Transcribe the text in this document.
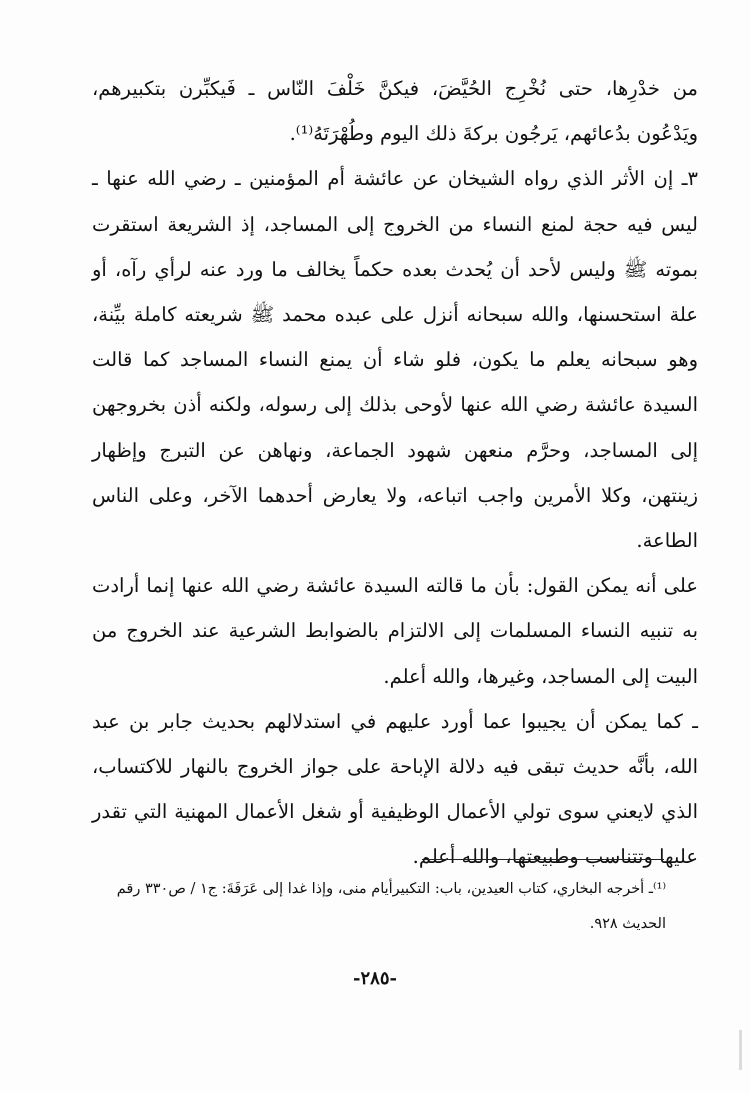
من خدْرِها، حتى نُخْرِج الحُيَّضَ، فيكنَّ خَلْفَ النّاس ـ فَيكبِّرن بتكبيرهم، ويَدْعُون بدُعائهم، يَرجُون بركةَ ذلك اليوم وطُهْرَتَهُ⁽¹⁾.

٣ـ إن الأثر الذي رواه الشيخان عن عائشة أم المؤمنين ـ رضي الله عنها ـ ليس فيه حجة لمنع النساء من الخروج إلى المساجد، إذ الشريعة استقرت بموته ﷺ وليس لأحد أن يُحدث بعده حكماً يخالف ما ورد عنه لرأي رآه، أو علة استحسنها، والله سبحانه أنزل على عبده محمد ﷺ شريعته كاملة بيِّنة، وهو سبحانه يعلم ما يكون، فلو شاء أن يمنع النساء المساجد كما قالت السيدة عائشة رضي الله عنها لأوحى بذلك إلى رسوله، ولكنه أذن بخروجهن إلى المساجد، وحرَّم منعهن شهود الجماعة، ونهاهن عن التبرج وإظهار زينتهن، وكلا الأمرين واجب اتباعه، ولا يعارض أحدهما الآخر، وعلى الناس الطاعة.

على أنه يمكن القول: بأن ما قالته السيدة عائشة رضي الله عنها إنما أرادت به تنبيه النساء المسلمات إلى الالتزام بالضوابط الشرعية عند الخروج من البيت إلى المساجد، وغيرها، والله أعلم.

ـ كما يمكن أن يجيبوا عما أورد عليهم في استدلالهم بحديث جابر بن عبد الله، بأنَّه حديث تبقى فيه دلالة الإباحة على جواز الخروج بالنهار للاكتساب، الذي لايعني سوى تولي الأعمال الوظيفية أو شغل الأعمال المهنية التي تقدر عليها وتتناسب وطبيعتها، والله أعلم.

⁽¹⁾ـ أخرجه البخاري، كتاب العيدين، باب: التكبيرأيام منى، وإذا غدا إلى عَرَفَةَ: ج١ / ص٣٣٠ رقم الحديث ٩٢٨.

-٢٨٥-
